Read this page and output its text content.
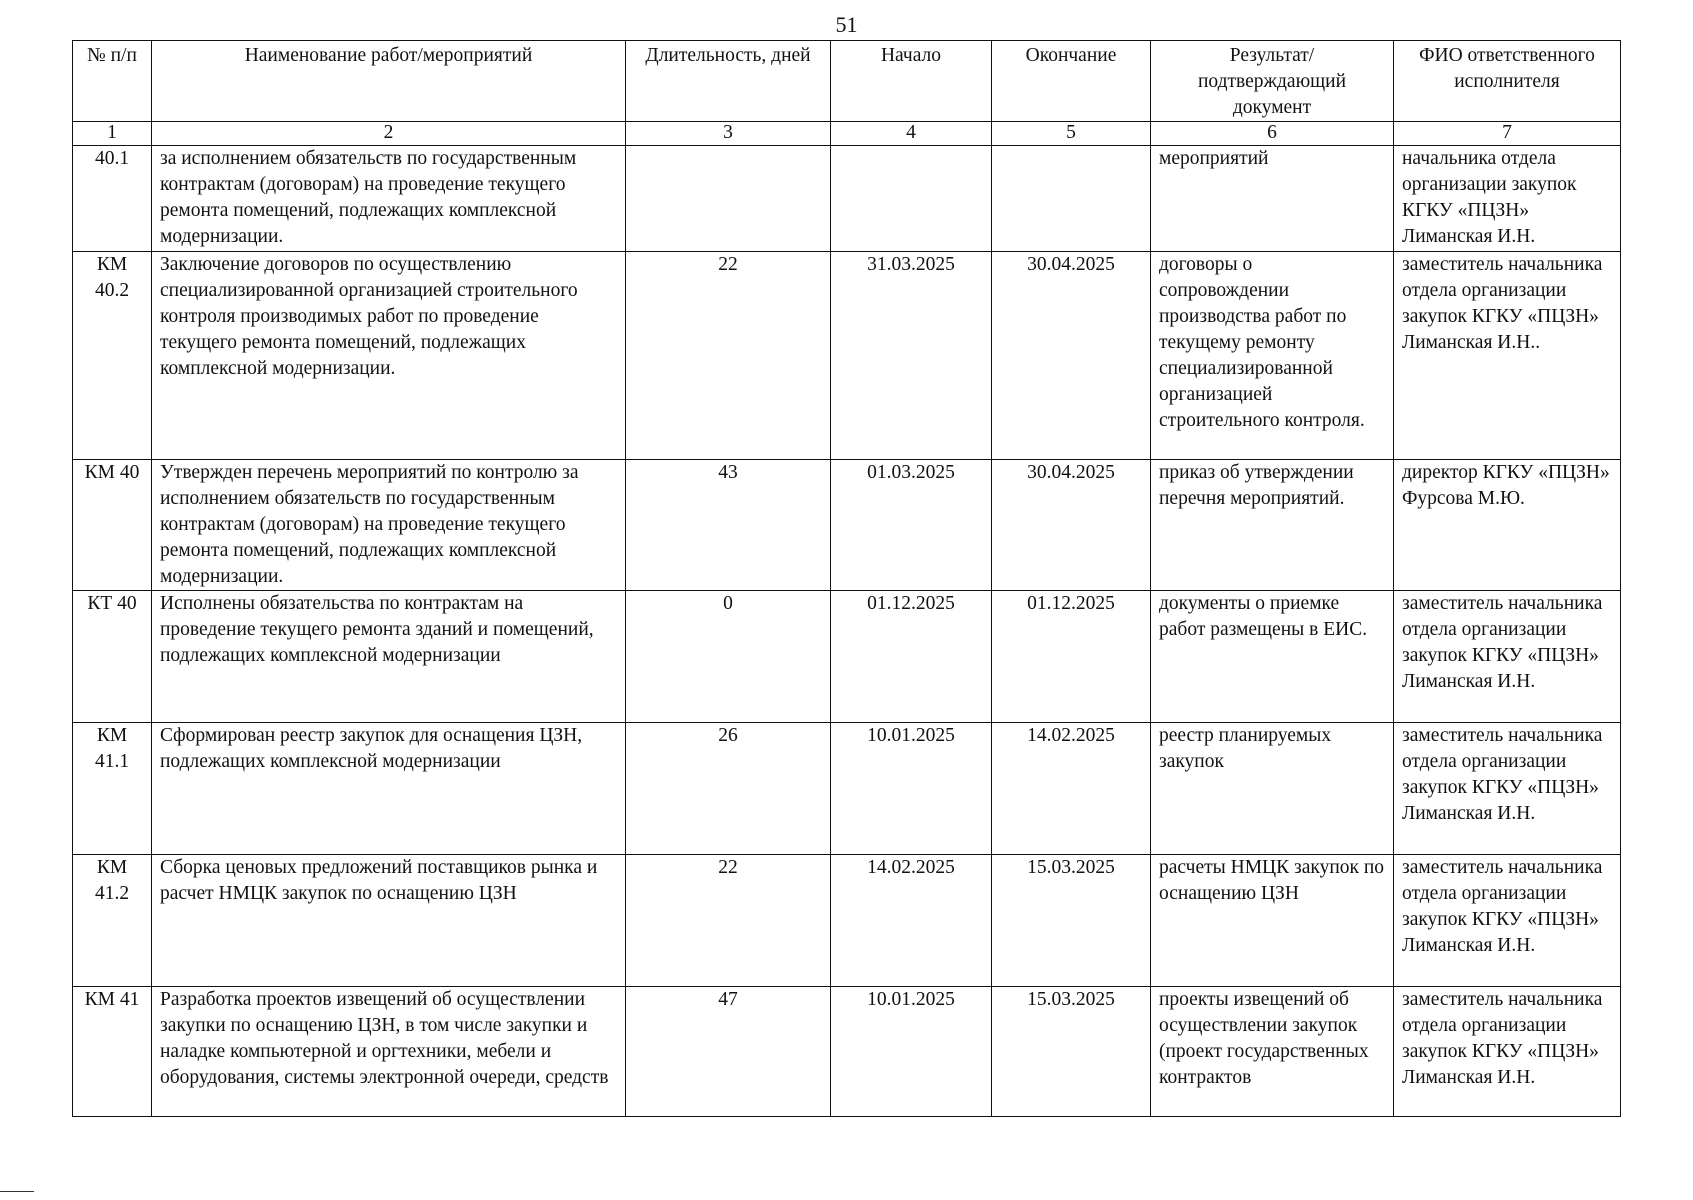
51
№ п/п	Наименование работ/мероприятий	Длительность, дней	Начало	Окончание	Результат/ подтверждающий документ	ФИО ответственного исполнителя
1	2	3	4	5	6	7
40.1	за исполнением обязательств по государственным контрактам (договорам) на проведение текущего ремонта помещений, подлежащих комплексной модернизации.				мероприятий	начальника отдела организации закупок КГКУ «ПЦЗН» Лиманская И.Н.
КМ 40.2	Заключение договоров по осуществлению специализированной организацией строительного контроля производимых работ по проведение текущего ремонта помещений, подлежащих комплексной модернизации.	22	31.03.2025	30.04.2025	договоры о сопровождении производства работ по текущему ремонту специализированной организацией строительного контроля.	заместитель начальника отдела организации закупок КГКУ «ПЦЗН» Лиманская И.Н..
КМ 40	Утвержден перечень мероприятий по контролю за исполнением обязательств по государственным контрактам (договорам) на проведение текущего ремонта помещений, подлежащих комплексной модернизации.	43	01.03.2025	30.04.2025	приказ об утверждении перечня мероприятий.	директор КГКУ «ПЦЗН» Фурсова М.Ю.
КТ 40	Исполнены обязательства по контрактам на проведение текущего ремонта зданий и помещений, подлежащих комплексной модернизации	0	01.12.2025	01.12.2025	документы о приемке работ размещены в ЕИС.	заместитель начальника отдела организации закупок КГКУ «ПЦЗН» Лиманская И.Н.
КМ 41.1	Сформирован реестр закупок для оснащения ЦЗН, подлежащих комплексной модернизации	26	10.01.2025	14.02.2025	реестр планируемых закупок	заместитель начальника отдела организации закупок КГКУ «ПЦЗН» Лиманская И.Н.
КМ 41.2	Сборка ценовых предложений поставщиков рынка и расчет НМЦК закупок по оснащению ЦЗН	22	14.02.2025	15.03.2025	расчеты НМЦК закупок по оснащению ЦЗН	заместитель начальника отдела организации закупок КГКУ «ПЦЗН» Лиманская И.Н.
КМ 41	Разработка проектов извещений об осуществлении закупки по оснащению ЦЗН, в том числе закупки и наладке компьютерной и оргтехники, мебели и оборудования, системы электронной очереди, средств	47	10.01.2025	15.03.2025	проекты извещений об осуществлении закупок (проект государственных контрактов	заместитель начальника отдела организации закупок КГКУ «ПЦЗН» Лиманская И.Н.
